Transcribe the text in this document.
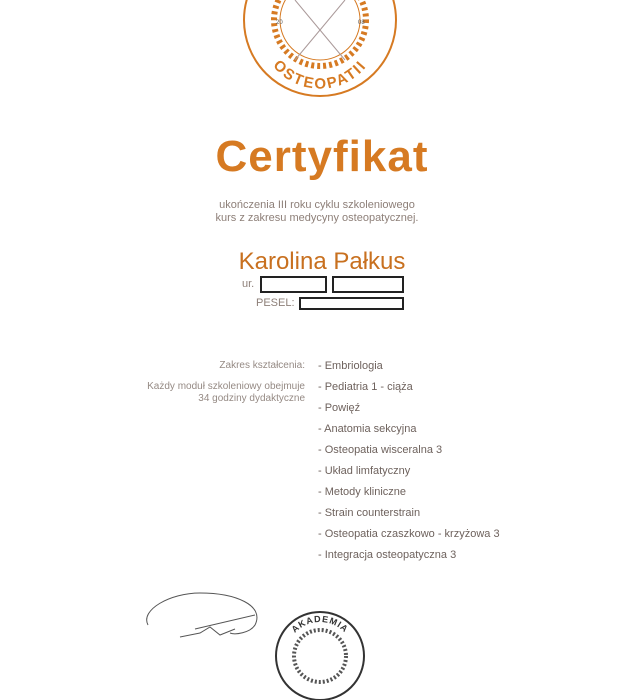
20	08
OSTEOPATII
Certyfikat
ukończenia III roku cyklu szkoleniowego
kurs z zakresu medycyny osteopatycznej.
Karolina Pałkus
ur.
PESEL:
Zakres kształcenia:
Każdy moduł szkoleniowy obejmuje
34 godziny dydaktyczne
- Embriologia
- Pediatria 1 - ciąża
- Powięź
- Anatomia sekcyjna
- Osteopatia wisceralna 3
- Układ limfatyczny
- Metody kliniczne
- Strain counterstrain
- Osteopatia czaszkowo - krzyżowa 3
- Integracja osteopatyczna 3
AKADEMIA
